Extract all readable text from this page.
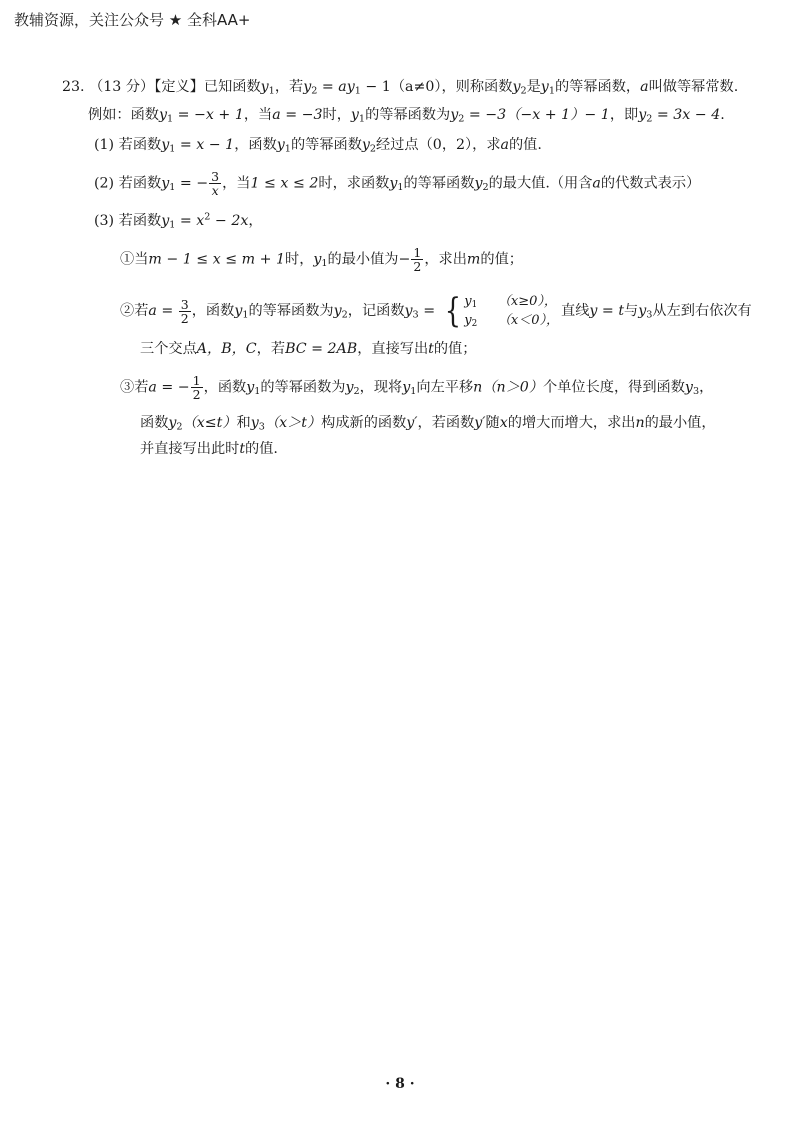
教辅资源，关注公众号 ★ 全科AA+
23. （13 分）【定义】已知函数$y_1$，若$y_2 = ay_1 - 1(a\ne 0)$，则称函数$y_2$是$y_1$的等幂函数，a叫做等幂常数.
例如：函数$y_1 = -x + 1$，当a = −3时，$y_1$的等幂函数为$y_2 = -3(-x + 1)- 1$，即$y_2 = 3x - 4$.
(1) 若函数$y_1 = x - 1$，函数$y_1$的等幂函数$y_2$经过点（0，2），求a的值.
(2) 若函数$y_1$ = − $\frac{3}{x}$ ，当1 ≤ x ≤ 2时，求函数$y_1$的等幂函数$y_2$的最大值.（用含a的代数式表示）
(3) 若函数$y_1 = x^2 - 2x$，
①当m − 1 ≤ x ≤ m + 1时，$y_1$的最小值为− $\frac{1}{2}$ ，求出m的值；
②若$a = \frac{3}{2}$ ，函数$y_1$的等幂函数为$y_2$，记函数$y_3$ = { $y_1$ （x≥0），
$y_2$ （x＜0），
直线y = t与$y_3$从左到右依次有
三个交点A，B，C，若BC = 2AB，直接写出t的值；
③若a = − $\frac{1}{2}$ ，函数$y_1$的等幂函数为$y_2$，现将$y_1$向左平移n（n＞0）个单位长度，得到函数$y_3$，
函数$y_2(x\le t)$和$y_3(x>t)$构成新的函数y′，若函数y′随x的增大而增大，求出n的最小值，
并直接写出此时t的值.
· 8 ·
